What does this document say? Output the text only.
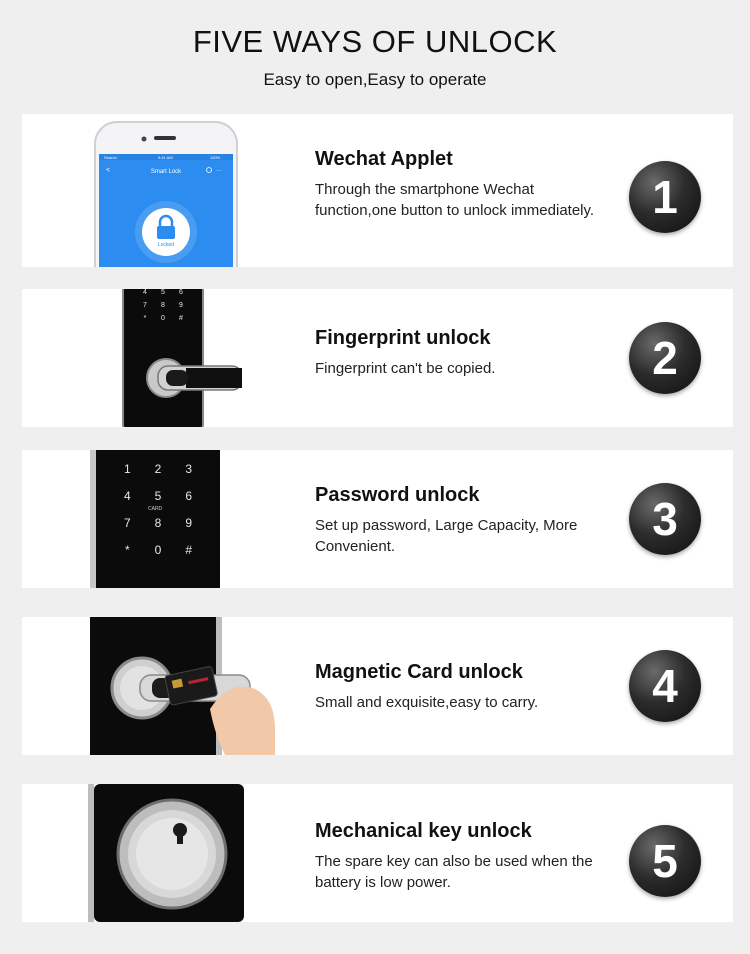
FIVE WAYS OF UNLOCK
Easy to open,Easy to operate
Search	9:41 AM	100%
<	Smart Lock	···
Locked
Wechat Applet
Through the smartphone Wechat function,one button to unlock immediately.	1
4	5	6
7	8	9
*	0	#
Fingerprint unlock
Fingerprint can't be copied.	2
1	2	3
4	5	6
7	8	9
*	0	#
CARD
Password unlock
Set up password, Large Capacity, More Convenient.
3
Magnetic Card unlock
Small and exquisite,easy to carry.	4
Mechanical key unlock
The spare key can also be used when the battery is low power.	5
